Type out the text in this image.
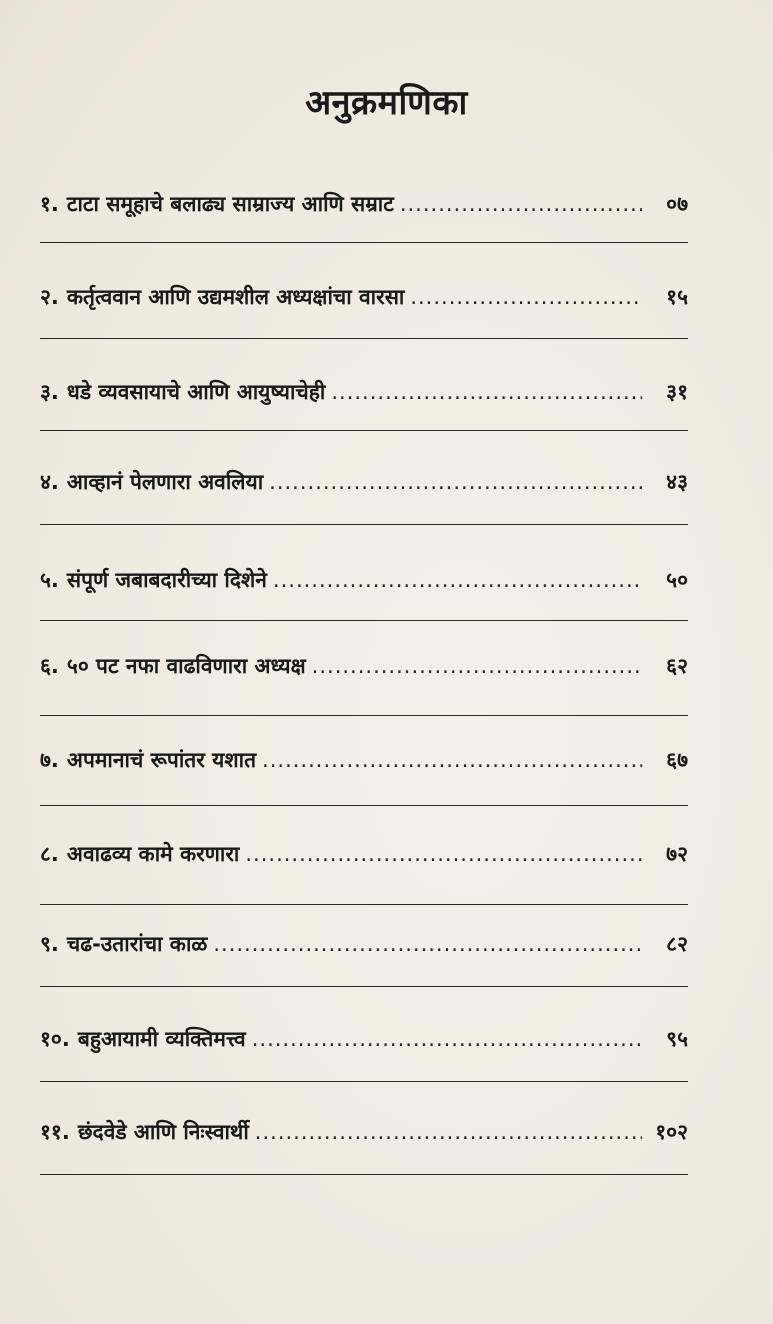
अनुक्रमणिका
१. टाटा समूहाचे बलाढ्य साम्राज्य आणि सम्राट .....	०७
२. कर्तृत्ववान आणि उद्यमशील अध्यक्षांचा वारसा .....	१५
३. धडे व्यवसायाचे आणि आयुष्याचेही .....	३१
४. आव्हानं पेलणारा अवलिया .....	४३
५. संपूर्ण जबाबदारीच्या दिशेने .....	५०
६. ५० पट नफा वाढविणारा अध्यक्ष .....	६२
७. अपमानाचं रूपांतर यशात .....	६७
८. अवाढव्य कामे करणारा .....	७२
९. चढ-उतारांचा काळ .....	८२
१०. बहुआयामी व्यक्तिमत्त्व .....	९५
११. छंदवेडे आणि निःस्वार्थी .....	१०२
